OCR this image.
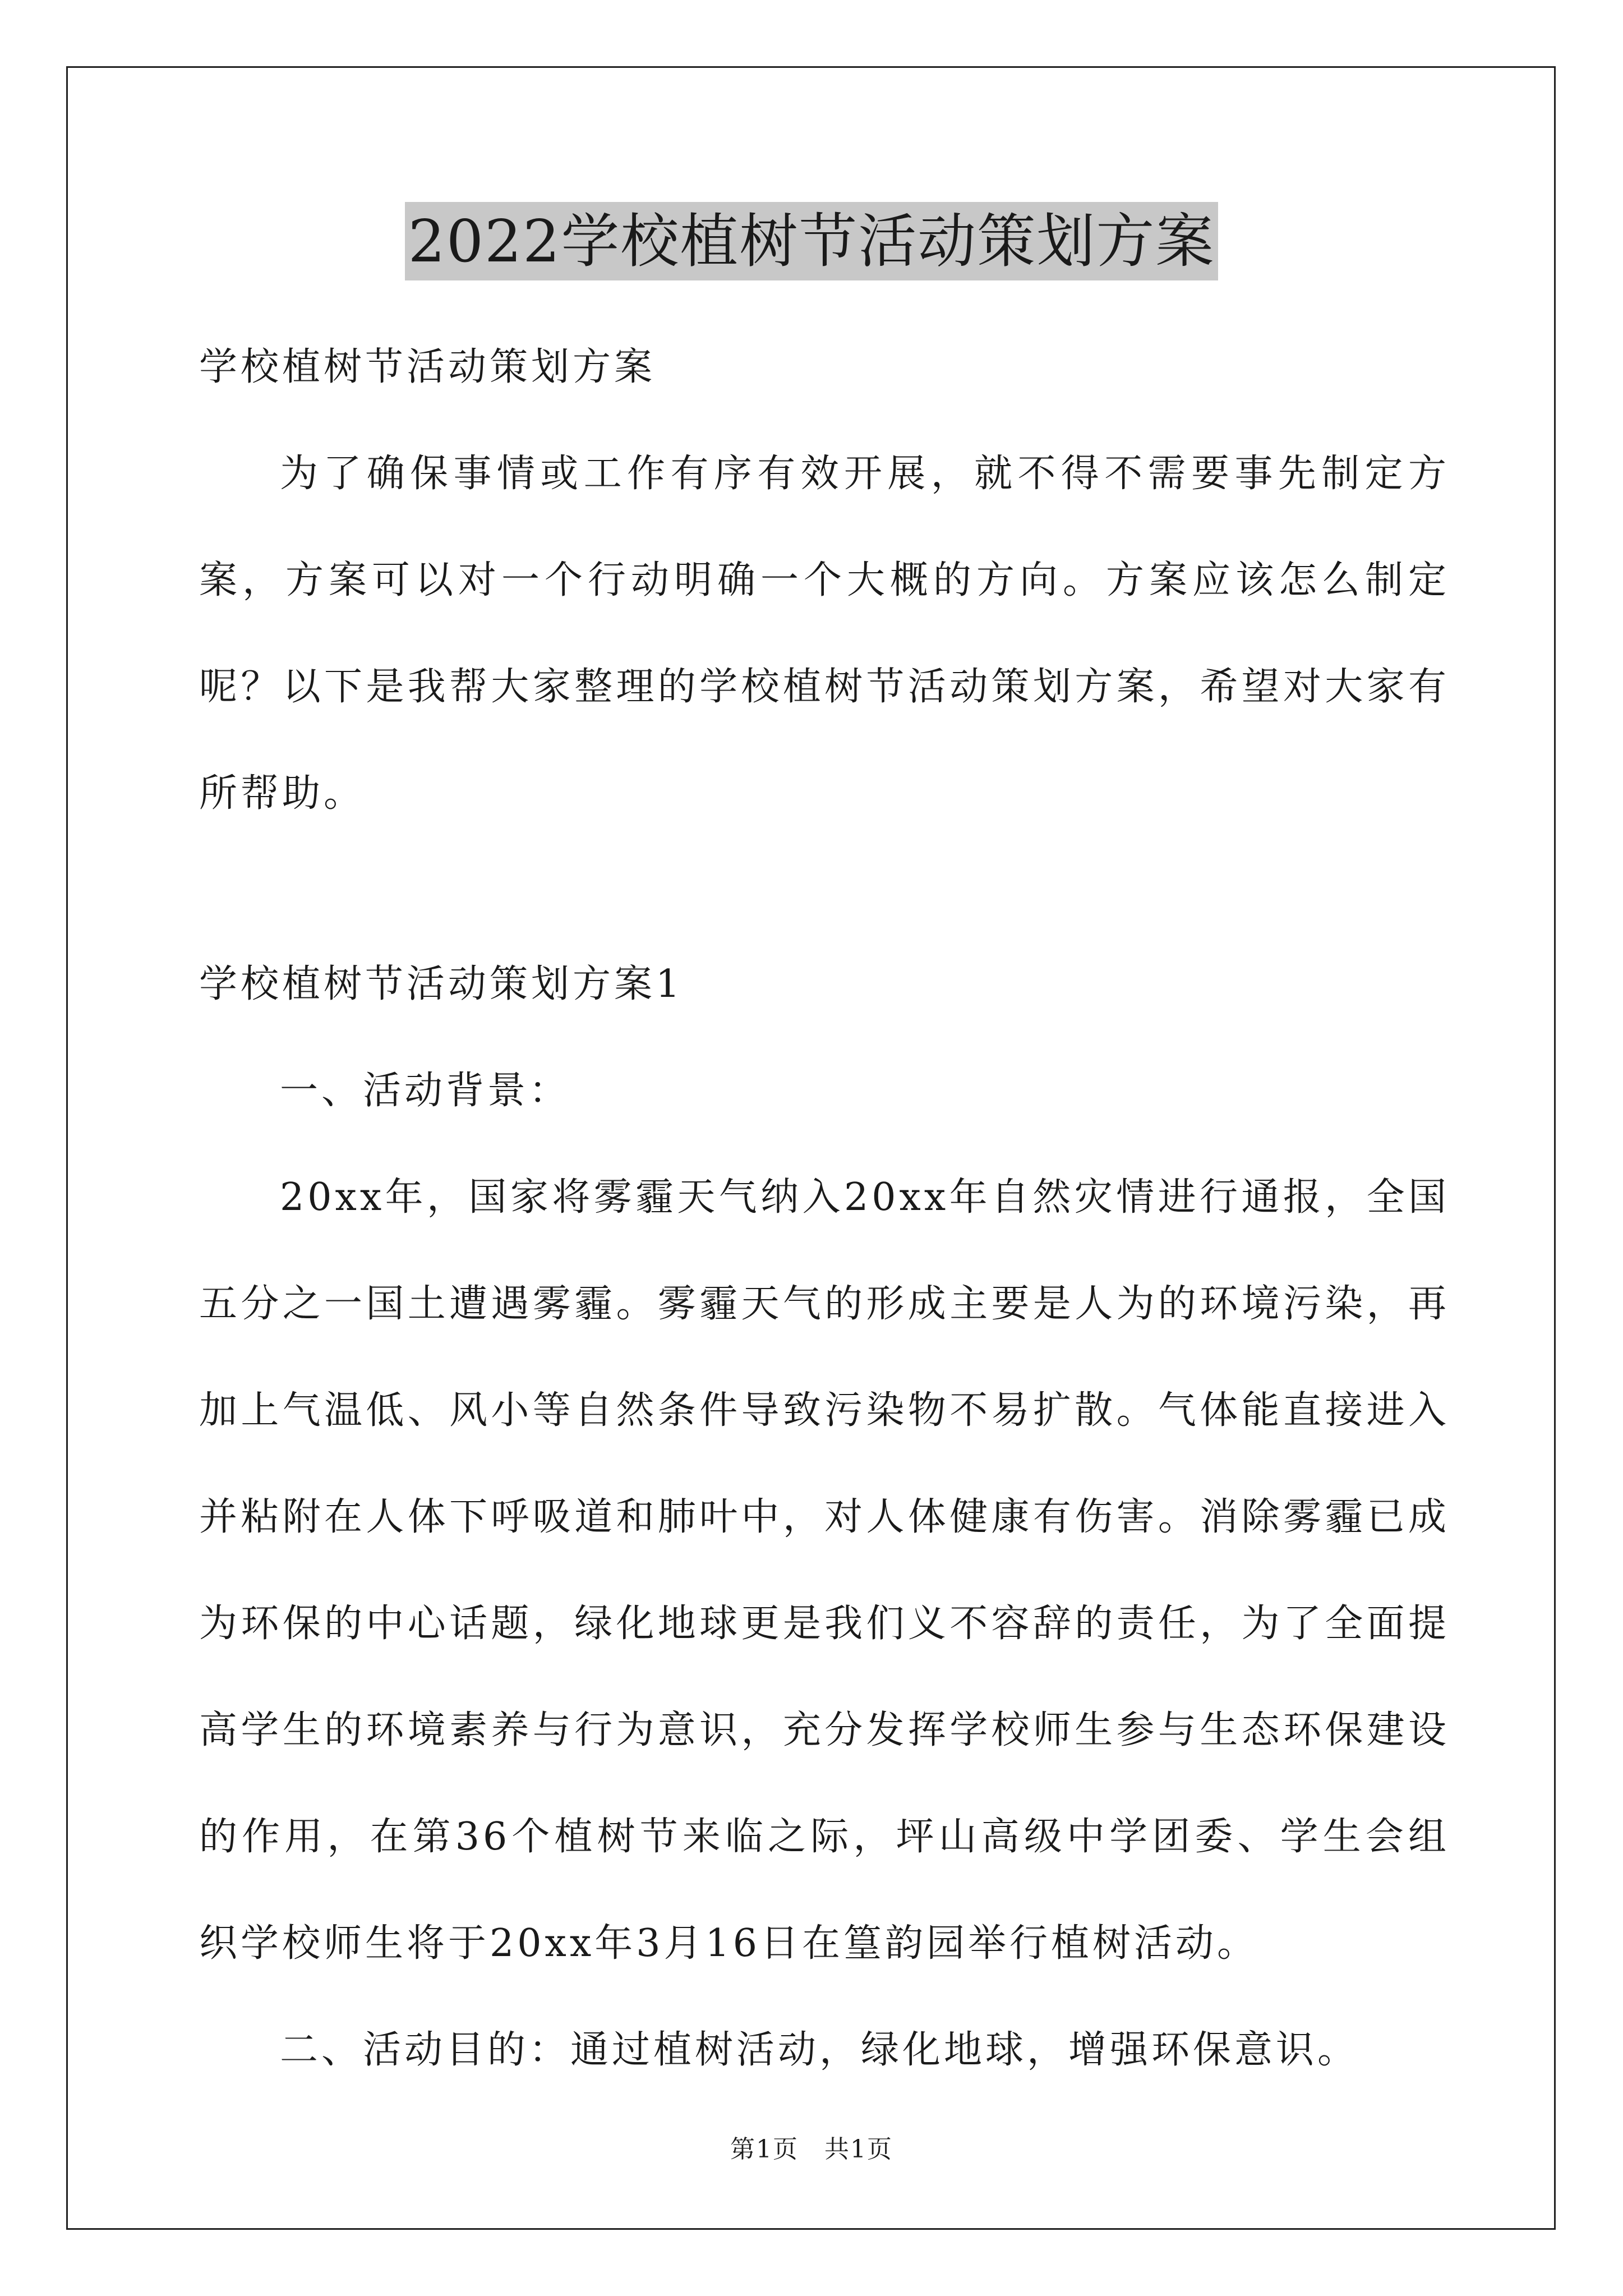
2022学校植树节活动策划方案

学校植树节活动策划方案

为了确保事情或工作有序有效开展，就不得不需要事先制定方案，方案可以对一个行动明确一个大概的方向。方案应该怎么制定呢？以下是我帮大家整理的学校植树节活动策划方案，希望对大家有所帮助。

学校植树节活动策划方案1

一、活动背景：

20xx年，国家将雾霾天气纳入20xx年自然灾情进行通报，全国五分之一国土遭遇雾霾。雾霾天气的形成主要是人为的环境污染，再加上气温低、风小等自然条件导致污染物不易扩散。气体能直接进入并粘附在人体下呼吸道和肺叶中，对人体健康有伤害。消除雾霾已成为环保的中心话题，绿化地球更是我们义不容辞的责任，为了全面提高学生的环境素养与行为意识，充分发挥学校师生参与生态环保建设的作用，在第36个植树节来临之际，坪山高级中学团委、学生会组织学校师生将于20xx年3月16日在篁韵园举行植树活动。

二、活动目的：通过植树活动，绿化地球，增强环保意识。

第1页　共1页
